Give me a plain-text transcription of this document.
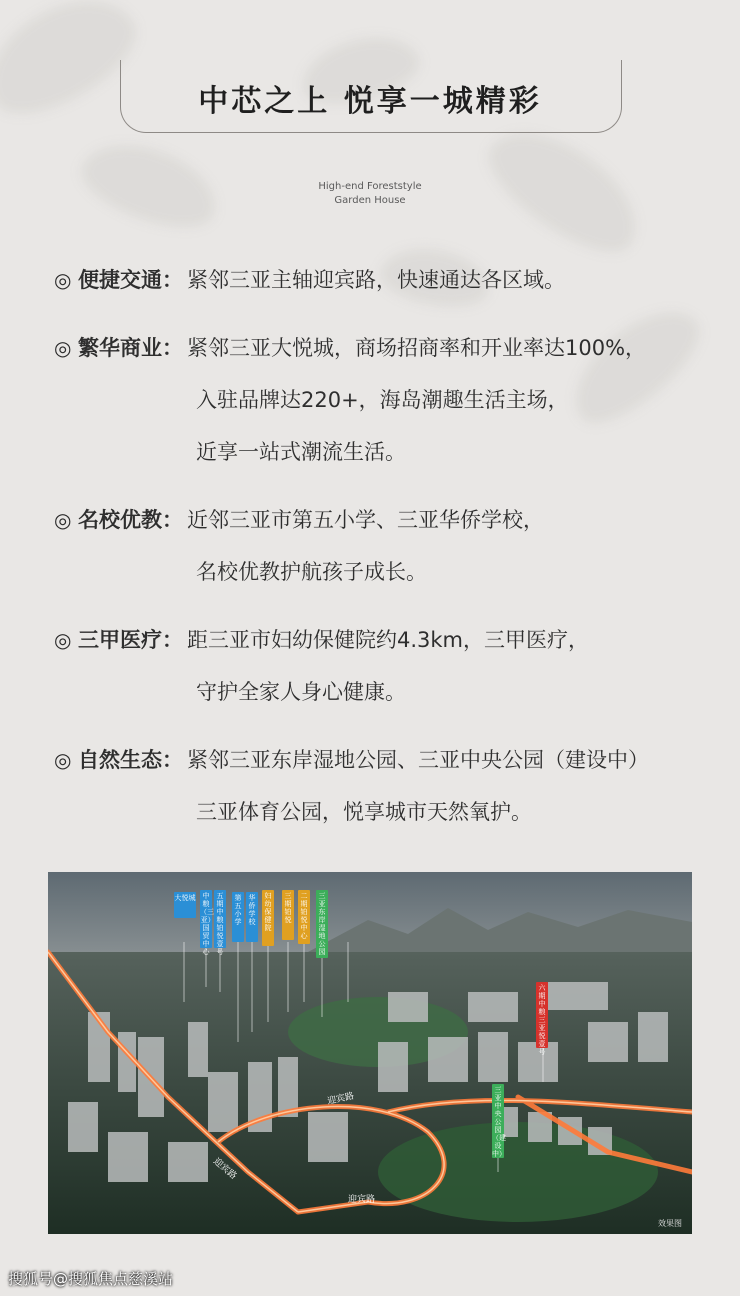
中芯之上 悦享一城精彩
High-end Foreststyle
Garden House
◎ 便捷交通 ： 紧邻三亚主轴迎宾路，快速通达各区域。
◎ 繁华商业 ： 紧邻三亚大悦城，商场招商率和开业率达100%，
入驻品牌达220+，海岛潮趣生活主场，
近享一站式潮流生活。
◎ 名校优教 ： 近邻三亚市第五小学、三亚华侨学校，
名校优教护航孩子成长。
◎ 三甲医疗 ： 距三亚市妇幼保健院约4.3km，三甲医疗，
守护全家人身心健康。
◎ 自然生态 ： 紧邻三亚东岸湿地公园、三亚中央公园（建设中）
三亚体育公园，悦享城市天然氧护。
迎宾路
迎宾路
迎宾路
效果图
大悦城	中粮（三亚）国贸中心
五期中粮铂悦壹号
第五小学
华侨学校
妇幼保健院
三期铂悦
二期铂悦中心
三亚东岸湿地公园
三亚中央公园（建设中）
六期中粮三亚悦壹号
搜狐号@搜狐焦点慈溪站
